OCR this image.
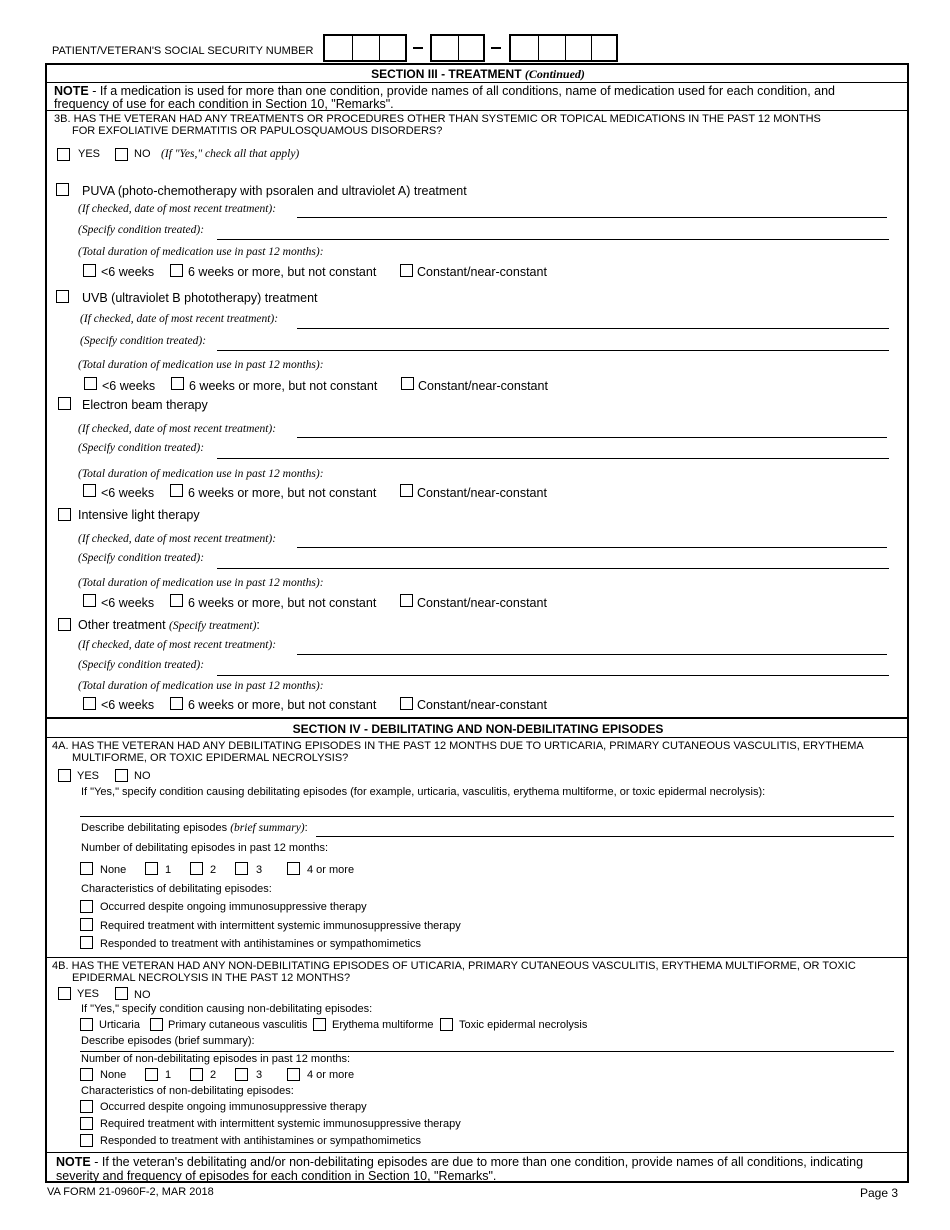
PATIENT/VETERAN'S SOCIAL SECURITY NUMBER
SECTION III - TREATMENT (Continued)
NOTE - If a medication is used for more than one condition, provide names of all conditions, name of medication used for each condition, and
frequency of use for each condition in Section 10, "Remarks".
3B. HAS THE VETERAN HAD ANY TREATMENTS OR PROCEDURES OTHER THAN SYSTEMIC OR TOPICAL MEDICATIONS IN THE PAST 12 MONTHS
FOR EXFOLIATIVE DERMATITIS OR PAPULOSQUAMOUS DISORDERS?
YES	NO (If "Yes," check all that apply)
PUVA (photo-chemotherapy with psoralen and ultraviolet A) treatment
(If checked, date of most recent treatment):
(Specify condition treated):
(Total duration of medication use in past 12 months):
<6 weeks	6 weeks or more, but not constant	Constant/near-constant
UVB (ultraviolet B phototherapy) treatment
(If checked, date of most recent treatment):
(Specify condition treated):
(Total duration of medication use in past 12 months):
<6 weeks	6 weeks or more, but not constant	Constant/near-constant
Electron beam therapy
(If checked, date of most recent treatment):
(Specify condition treated):
(Total duration of medication use in past 12 months):
<6 weeks	6 weeks or more, but not constant	Constant/near-constant
Intensive light therapy
(If checked, date of most recent treatment):
(Specify condition treated):
(Total duration of medication use in past 12 months):
<6 weeks	6 weeks or more, but not constant	Constant/near-constant
Other treatment (Specify treatment):
(If checked, date of most recent treatment):
(Specify condition treated):
(Total duration of medication use in past 12 months):
<6 weeks	6 weeks or more, but not constant	Constant/near-constant
SECTION IV - DEBILITATING AND NON-DEBILITATING EPISODES
4A. HAS THE VETERAN HAD ANY DEBILITATING EPISODES IN THE PAST 12 MONTHS DUE TO URTICARIA, PRIMARY CUTANEOUS VASCULITIS, ERYTHEMA
MULTIFORME, OR TOXIC EPIDERMAL NECROLYSIS?
YES	NO
If "Yes," specify condition causing debilitating episodes (for example, urticaria, vasculitis, erythema multiforme, or toxic epidermal necrolysis):
Describe debilitating episodes (brief summary):
Number of debilitating episodes in past 12 months:
None	1	2	3	4 or more
Characteristics of debilitating episodes:
Occurred despite ongoing immunosuppressive therapy
Required treatment with intermittent systemic immunosuppressive therapy
Responded to treatment with antihistamines or sympathomimetics
4B. HAS THE VETERAN HAD ANY NON-DEBILITATING EPISODES OF UTICARIA, PRIMARY CUTANEOUS VASCULITIS, ERYTHEMA MULTIFORME, OR TOXIC
EPIDERMAL NECROLYSIS IN THE PAST 12 MONTHS?
YES	NO
If "Yes," specify condition causing non-debilitating episodes:
Urticaria	Primary cutaneous vasculitis Erythema multiforme Toxic epidermal necrolysis
Describe episodes (brief summary):
Number of non-debilitating episodes in past 12 months:
None	1	2	3	4 or more
Characteristics of non-debilitating episodes:
Occurred despite ongoing immunosuppressive therapy
Required treatment with intermittent systemic immunosuppressive therapy
Responded to treatment with antihistamines or sympathomimetics
NOTE - If the veteran's debilitating and/or non-debilitating episodes are due to more than one condition, provide names of all conditions, indicating
severity and frequency of episodes for each condition in Section 10, "Remarks".
VA FORM 21-0960F-2, MAR 2018	Page 3
